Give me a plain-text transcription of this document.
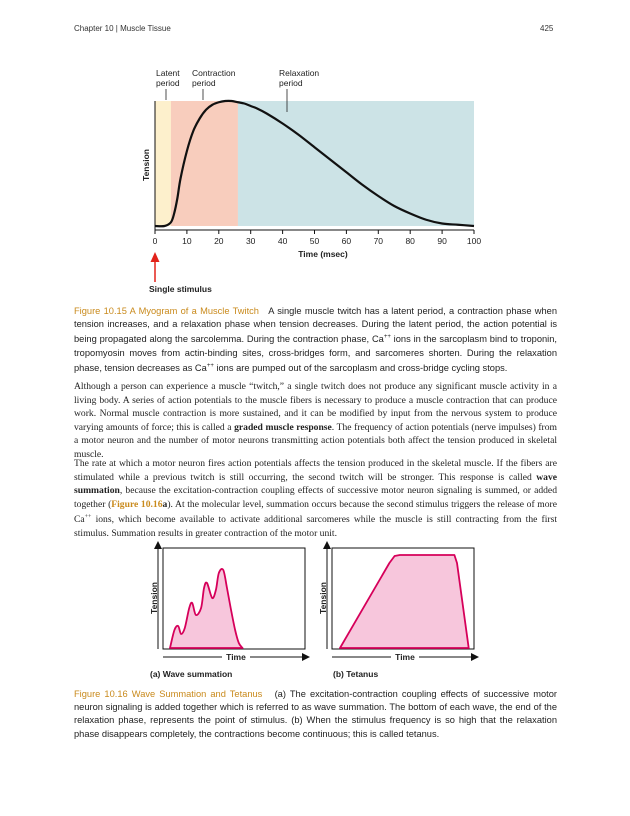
Chapter 10 | Muscle Tissue	425
0	10	20	30	40	50	60	70	80	90 100
Latent
period
Contraction
period
Relaxation
period
Tension
Time (msec)
Single stimulus
Figure 10.15 A Myogram of a Muscle Twitch A single muscle twitch has a latent period, a contraction phase when tension increases, and a relaxation phase when tension decreases. During the latent period, the action potential is being propagated along the sarcolemma. During the contraction phase, Ca++ ions in the sarcoplasm bind to troponin, tropomyosin moves from actin-binding sites, cross-bridges form, and sarcomeres shorten. During the relaxation phase, tension decreases as Ca++ ions are pumped out of the sarcoplasm and cross-bridge cycling stops.

Although a person can experience a muscle “twitch,” a single twitch does not produce any significant muscle activity in a living body. A series of action potentials to the muscle fibers is necessary to produce a muscle contraction that can produce work. Normal muscle contraction is more sustained, and it can be modified by input from the nervous system to produce varying amounts of force; this is called a graded muscle response. The frequency of action potentials (nerve impulses) from a motor neuron and the number of motor neurons transmitting action potentials both affect the tension produced in skeletal muscle.

The rate at which a motor neuron fires action potentials affects the tension produced in the skeletal muscle. If the fibers are stimulated while a previous twitch is still occurring, the second twitch will be stronger. This response is called wave summation, because the excitation-contraction coupling effects of successive motor neuron signaling is summed, or added together (Figure 10.16a). At the molecular level, summation occurs because the second stimulus triggers the release of more Ca++ ions, which become available to activate additional sarcomeres while the muscle is still contracting from the first stimulus. Summation results in greater contraction of the motor unit.

Tension
Time
(a) Wave summation
Tension
Time
(b) Tetanus
Figure 10.16 Wave Summation and Tetanus (a) The excitation-contraction coupling effects of successive motor neuron signaling is added together which is referred to as wave summation. The bottom of each wave, the end of the relaxation phase, represents the point of stimulus. (b) When the stimulus frequency is so high that the relaxation phase disappears completely, the contractions become continuous; this is called tetanus.
